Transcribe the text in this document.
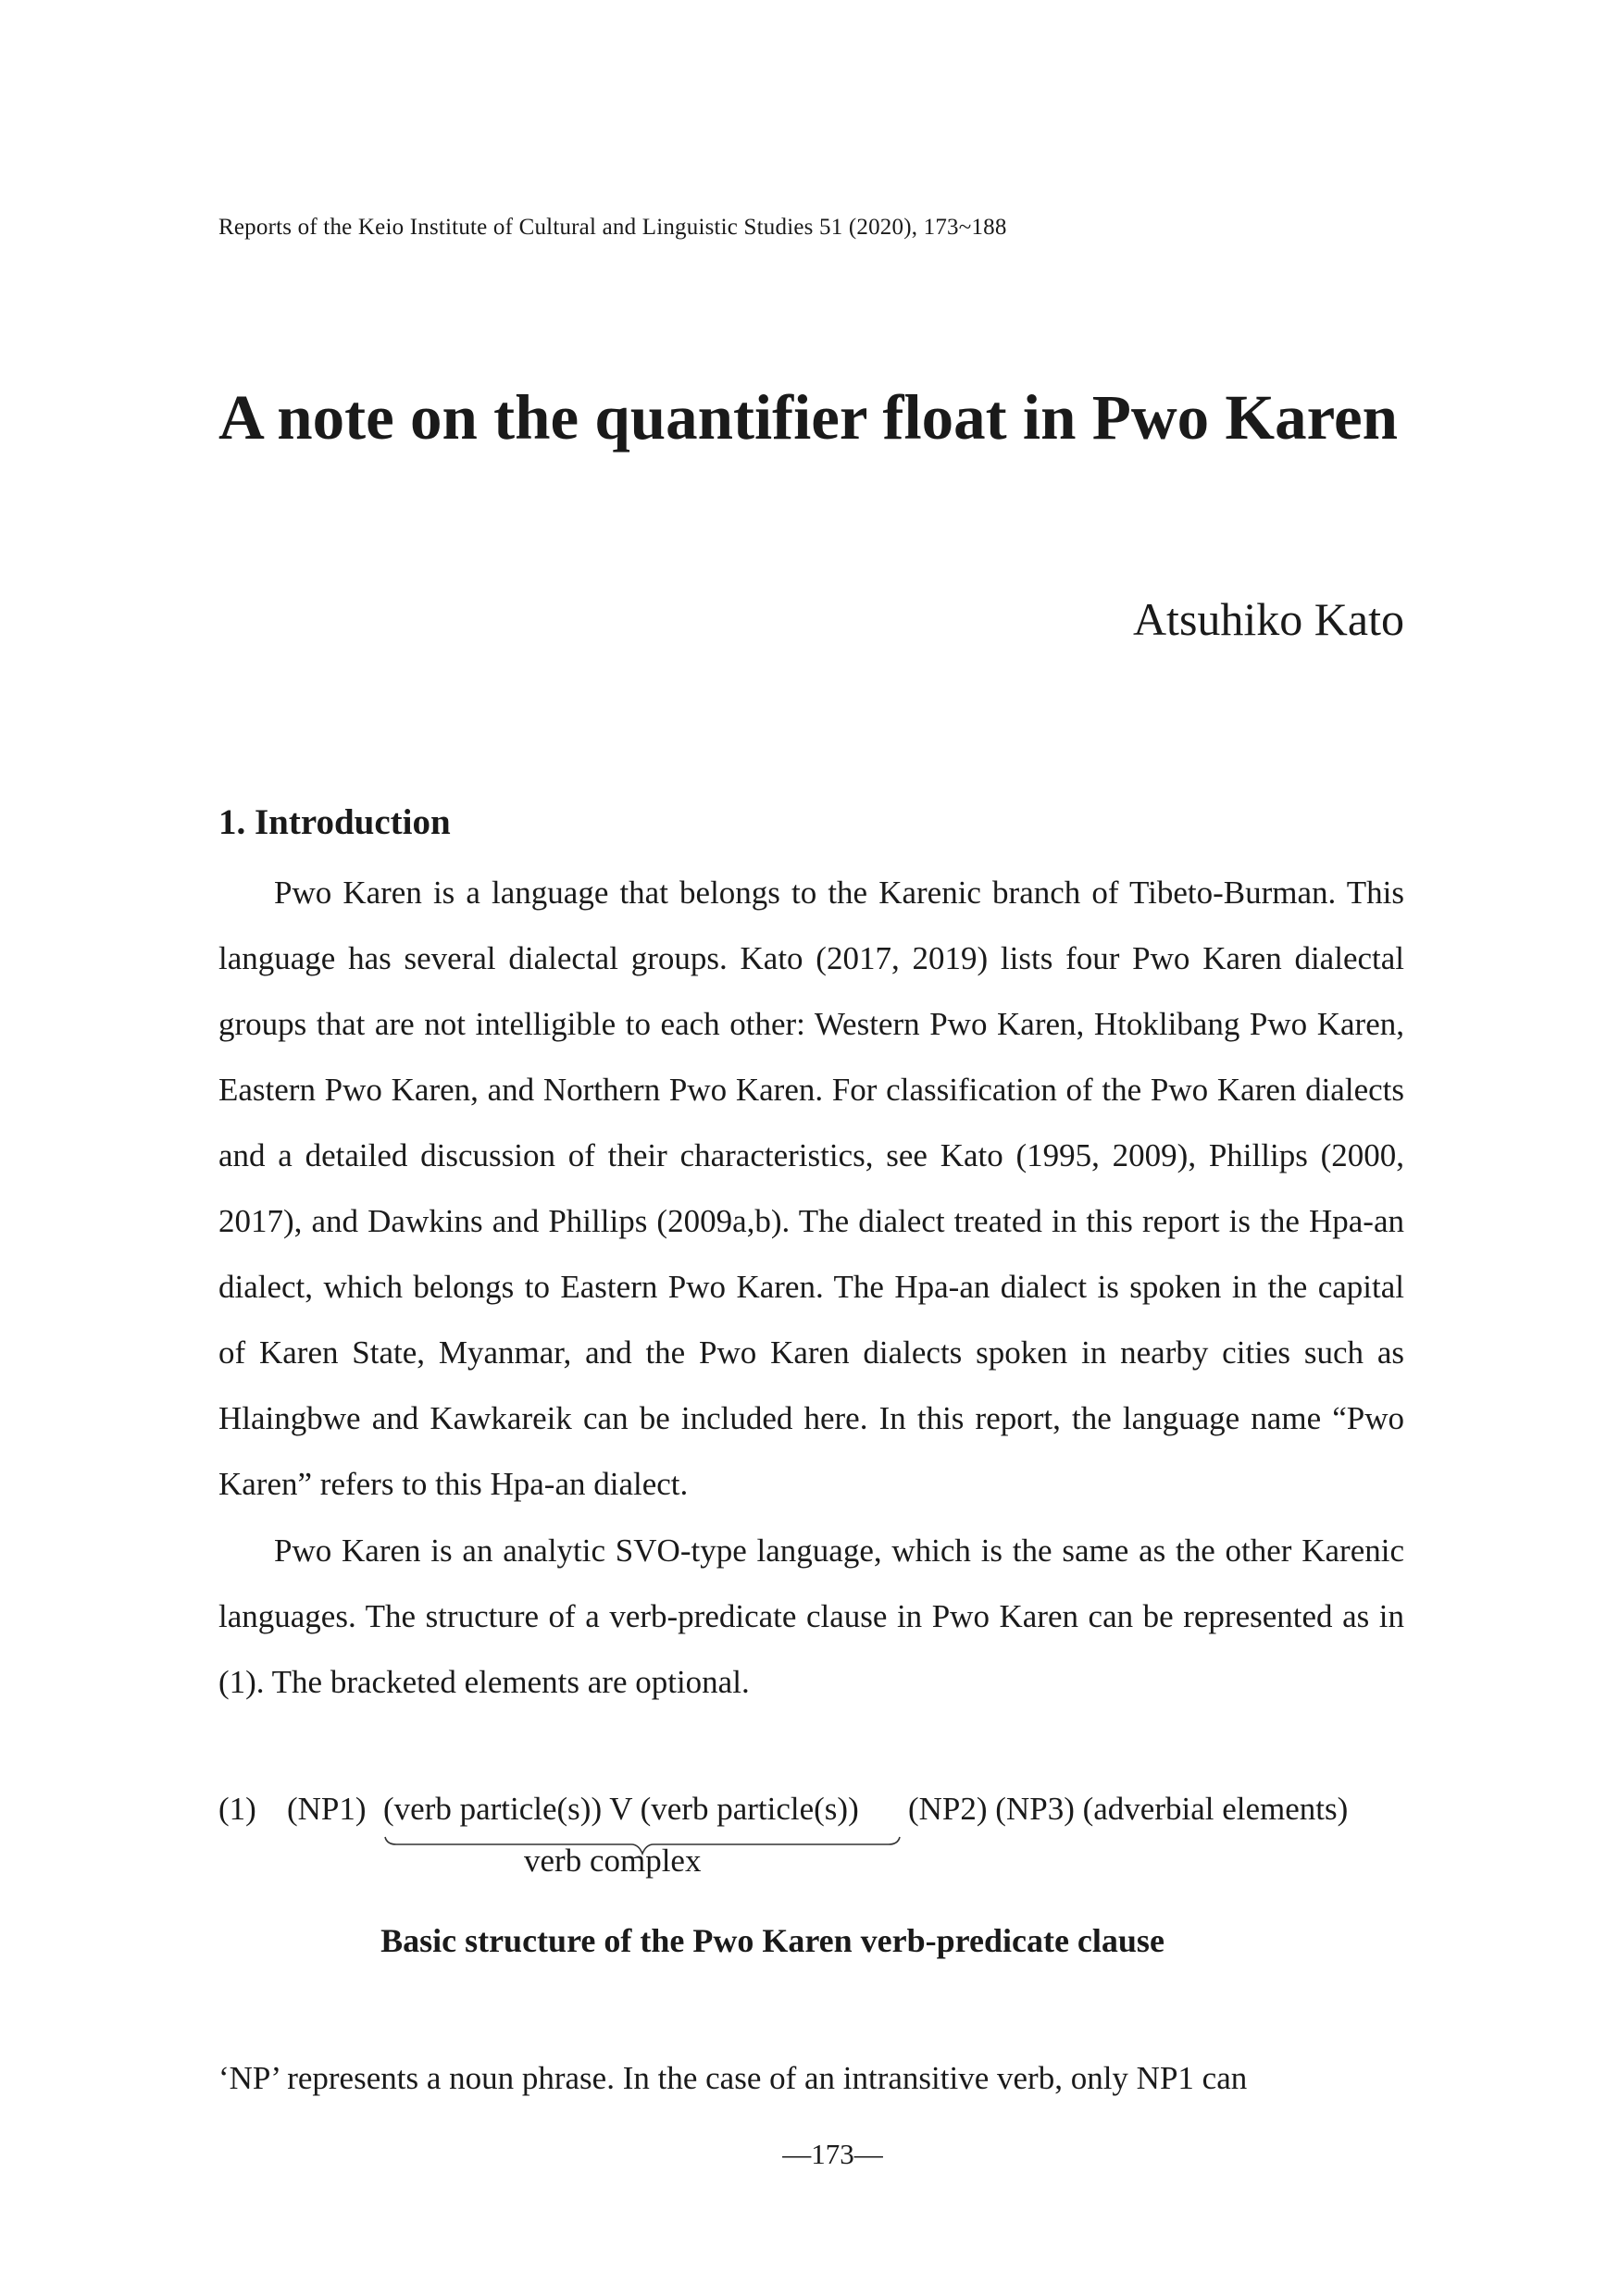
Reports of the Keio Institute of Cultural and Linguistic Studies 51 (2020), 173~188
A note on the quantifier float in Pwo Karen
Atsuhiko Kato
1. Introduction

Pwo Karen is a language that belongs to the Karenic branch of Tibeto-Burman. This language has several dialectal groups. Kato (2017, 2019) lists four Pwo Karen dialectal groups that are not intelligible to each other: Western Pwo Karen, Htoklibang Pwo Karen, Eastern Pwo Karen, and Northern Pwo Karen. For classification of the Pwo Karen dialects and a detailed discussion of their characteristics, see Kato (1995, 2009), Phillips (2000, 2017), and Dawkins and Phillips (2009a,b). The dialect treated in this report is the Hpa-an dialect, which belongs to Eastern Pwo Karen. The Hpa-an dialect is spoken in the capital of Karen State, Myanmar, and the Pwo Karen dialects spoken in nearby cities such as Hlaingbwe and Kawkareik can be included here. In this report, the language name “Pwo Karen” refers to this Hpa-an dialect.

Pwo Karen is an analytic SVO-type language, which is the same as the other Karenic languages. The structure of a verb-predicate clause in Pwo Karen can be represented as in (1). The bracketed elements are optional.

(1) (NP1) (verb particle(s)) V (verb particle(s)) (NP2) (NP3) (adverbial elements)
verb complex

Basic structure of the Pwo Karen verb-predicate clause

‘NP’ represents a noun phrase. In the case of an intransitive verb, only NP1 can

—173—
